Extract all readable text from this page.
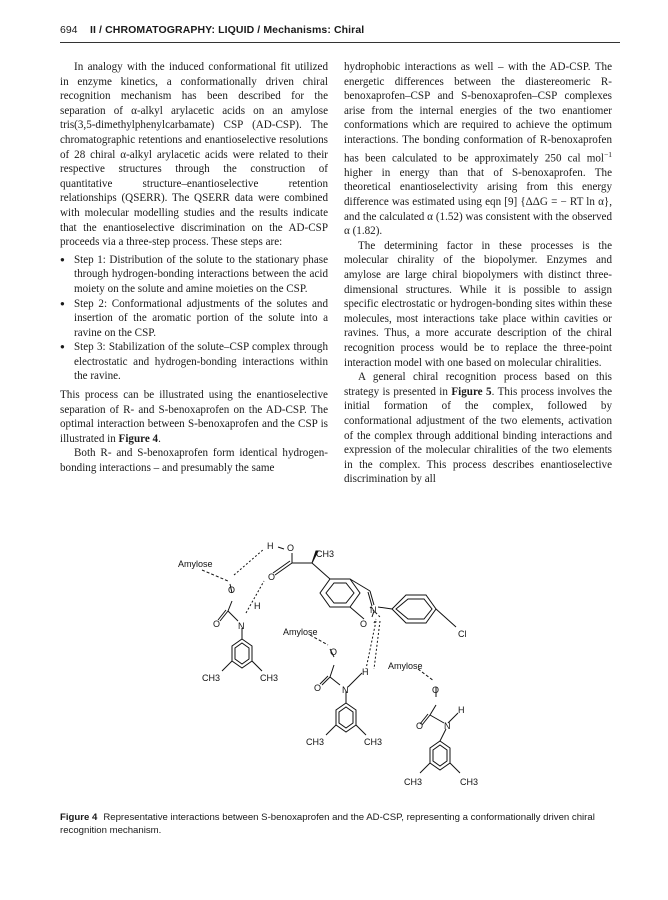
694 II / CHROMATOGRAPHY: LIQUID / Mechanisms: Chiral

In analogy with the induced conformational fit utilized in enzyme kinetics, a conformationally driven chiral recognition mechanism has been described for the separation of α-alkyl arylacetic acids on an amylose tris(3,5-dimethylphenylcarbamate) CSP (AD-CSP). The chromatographic retentions and enantioselective resolutions of 28 chiral α-alkyl arylacetic acids were related to their respective structures through the construction of quantitative structure–enantioselective retention relationships (QSERR). The QSERR data were combined with molecular modelling studies and the results indicate that the enantioselective discrimination on the AD-CSP proceeds via a three-step process. These steps are:

● Step 1: Distribution of the solute to the stationary phase through hydrogen-bonding interactions between the acid moiety on the solute and amine moieties on the CSP.
● Step 2: Conformational adjustments of the solutes and insertion of the aromatic portion of the solute into a ravine on the CSP.
● Step 3: Stabilization of the solute–CSP complex through electrostatic and hydrogen-bonding interactions within the ravine.

This process can be illustrated using the enantioselective separation of R- and S-benoxaprofen on the AD-CSP. The optimal interaction between S-benoxaprofen and the CSP is illustrated in Figure 4.

Both R- and S-benoxaprofen form identical hydrogen-bonding interactions – and presumably the same

hydrophobic interactions as well – with the AD-CSP. The energetic differences between the diastereomeric R-benoxaprofen–CSP and S-benoxaprofen–CSP complexes arise from the internal energies of the two enantiomer conformations which are required to achieve the optimum interactions. The bonding conformation of R-benoxaprofen has been calculated to be approximately 250 cal mol$^{-1}$ higher in energy than that of S-benoxaprofen. The theoretical enantioselectivity arising from this energy difference was estimated using eqn [9] {ΔΔG = − RT ln α}, and the calculated α (1.52) was consistent with the observed α (1.82).

The determining factor in these processes is the molecular chirality of the biopolymer. Enzymes and amylose are large chiral biopolymers with distinct three-dimensional structures. While it is possible to assign specific electrostatic or hydrogen-bonding sites within these molecules, most interactions take place within cavities or ravines. Thus, a more accurate description of the chiral recognition process would be to replace the three-point interaction model with one based on molecular chiralities.

A general chiral recognition process based on this strategy is presented in Figure 5. This process involves the initial formation of the complex, followed by conformational adjustment of the two elements, activation of the complex through additional binding interactions and expression of the molecular chiralities of the two elements in the complex. This process describes enantioselective discrimination by all

Amylose
H O
CH3
O
O
O N
H	N
O
Cl
Amylose
O
H
O N
Amylose
O
H
O N
CH3	CH3
CH3	CH3
CH3	CH3
Figure 4 Representative interactions between S-benoxaprofen and the AD-CSP, representing a conformationally driven chiral recognition mechanism.
